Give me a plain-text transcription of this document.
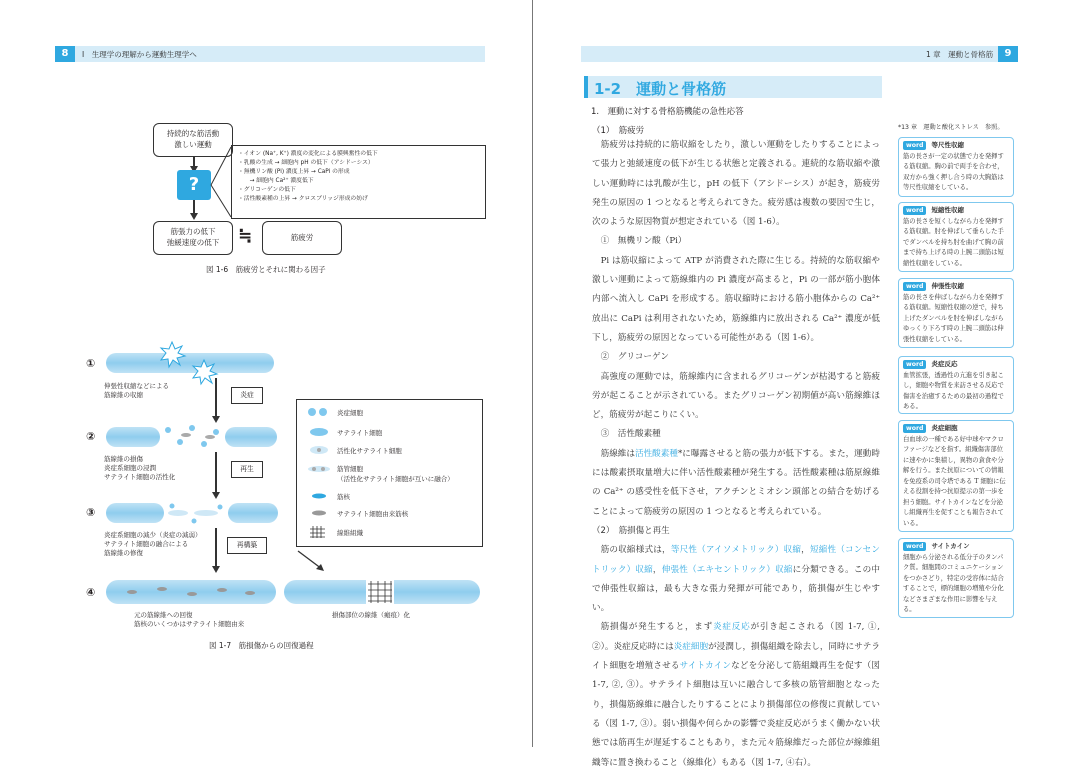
8	Ⅰ　生理学の理解から運動生理学へ
持続的な筋活動
激しい運動
?
・イオン (Na⁺, K⁺) 濃度の変化による膜興奮性の低下
・乳酸の生成 → 細胞内 pH の低下（アシドーシス）
・無機リン酸 (Pi) 濃度上昇 → CaPi の形成
　　→ 細胞内 Ca²⁺ 濃度低下
・グリコーゲンの低下
・活性酸素種の上昇 → クロスブリッジ形成の妨げ
筋張力の低下
弛緩速度の低下	≒	筋疲労
図 1-6　筋疲労とそれに関わる因子
①
伸張性収縮などによる
筋線維の収縮	炎症
②
筋線維の損傷
炎症系細胞の浸潤
サテライト細胞の活性化
再生
③
炎症系細胞の減少（炎症の減弱）
サテライト細胞の融合による
筋線維の修復
再構築
④
元の筋線維への回復
筋核のいくつかはサテライト細胞由来
損傷部位の線維（瘢痕）化
炎症細胞
サテライト細胞
活性化サテライト細胞
筋管細胞
（活性化サテライト細胞が互いに融合）
筋核
サテライト細胞由来筋核
線維組織
図 1-7　筋損傷からの回復過程
1 章　運動と骨格筋	9
1-2　運動と骨格筋
1.　運動に対する骨格筋機能の急性応答
（1）　筋疲労

筋疲労は持続的に筋収縮をしたり，激しい運動をしたりすることによって張力と弛緩速度の低下が生じる状態と定義される。連続的な筋収縮や激しい運動時には乳酸が生じ，pH の低下（アシドーシス）が起き，筋疲労発生の原因の 1 つとなると考えられてきた。疲労感は複数の要因で生じ，次のような原因物質が想定されている（図 1-6）。

①　無機リン酸（Pi）

Pi は筋収縮によって ATP が消費された際に生じる。持続的な筋収縮や激しい運動によって筋線維内の Pi 濃度が高まると，Pi の一部が筋小胞体内部へ流入し CaPi を形成する。筋収縮時における筋小胞体からの Ca²⁺ 放出に CaPi は利用されないため，筋線維内に放出される Ca²⁺ 濃度が低下し，筋疲労の原因となっている可能性がある（図 1-6）。

②　グリコーゲン

高強度の運動では，筋線維内に含まれるグリコーゲンが枯渇すると筋疲労が起こることが示されている。またグリコーゲン初期値が高い筋線維ほど，筋疲労が起こりにくい。

③　活性酸素種

筋線維は活性酸素種*に曝露させると筋の張力が低下する。また，運動時には酸素摂取量増大に伴い活性酸素種が発生する。活性酸素種は筋原線維の Ca²⁺ の感受性を低下させ，アクチンとミオシン頭部との結合を妨げることによって筋疲労の原因の 1 つとなると考えられている。

（2）　筋損傷と再生

筋の収縮様式は，等尺性（アイソメトリック）収縮，短縮性（コンセントリック）収縮，伸張性（エキセントリック）収縮に分類できる。この中で伸張性収縮は，最も大きな張力発揮が可能であり，筋損傷が生じやすい。

筋損傷が発生すると，まず炎症反応が引き起こされる（図 1-7, ①, ②）。炎症反応時には炎症細胞が浸潤し，損傷組織を除去し，同時にサテライト細胞を増殖させるサイトカインなどを分泌して筋組織再生を促す（図 1-7, ②, ③）。サテライト細胞は互いに融合して多核の筋管細胞となったり，損傷筋線維に融合したりすることにより損傷部位の修復に貢献している（図 1-7, ③）。弱い損傷や何らかの影響で炎症反応がうまく働かない状態では筋再生が遅延することもあり，また元々筋線維だった部位が線維組織等に置き換わること（線維化）もある（図 1-7, ④右）。

*13 章　運動と酸化ストレス　参照。
word	等尺性収縮
筋の長さが一定の状態で力を発揮する筋収縮。胸の前で両手を合わせ，双方から強く押し合う時の大胸筋は等尺性収縮をしている。
word	短縮性収縮
筋の長さを短くしながら力を発揮する筋収縮。肘を伸ばして垂らした手でダンベルを持ち肘を曲げて胸の前まで持ち上げる時の上腕二頭筋は短縮性収縮をしている。
word	伸張性収縮
筋の長さを伸ばしながら力を発揮する筋収縮。短縮性収縮の逆で，持ち上げたダンベルを肘を伸ばしながらゆっくり下ろす時の上腕二頭筋は伸張性収縮をしている。
word	炎症反応
血管拡張，透過性の亢進を引き起こし，細胞や物質を来訪させる反応で傷害を治癒するための最初の過程である。
word	炎症細胞
白血球の一種である好中球やマクロファージなどを指す。組織傷害部位に速やかに集積し，異物の貪食や分解を行う。また抗原についての情報を免疫系の司令塔である T 細胞に伝える役割を持つ抗原提示の第一歩を担う細胞。サイトカインなどを分泌し組織再生を促すことも報告されている。
word	サイトカイン
細胞から分泌される低分子のタンパク質。細胞間のコミュニケーションをつかさどり，特定の受容体に結合することで，標的細胞の増殖や分化などさまざまな作用に影響を与える。
